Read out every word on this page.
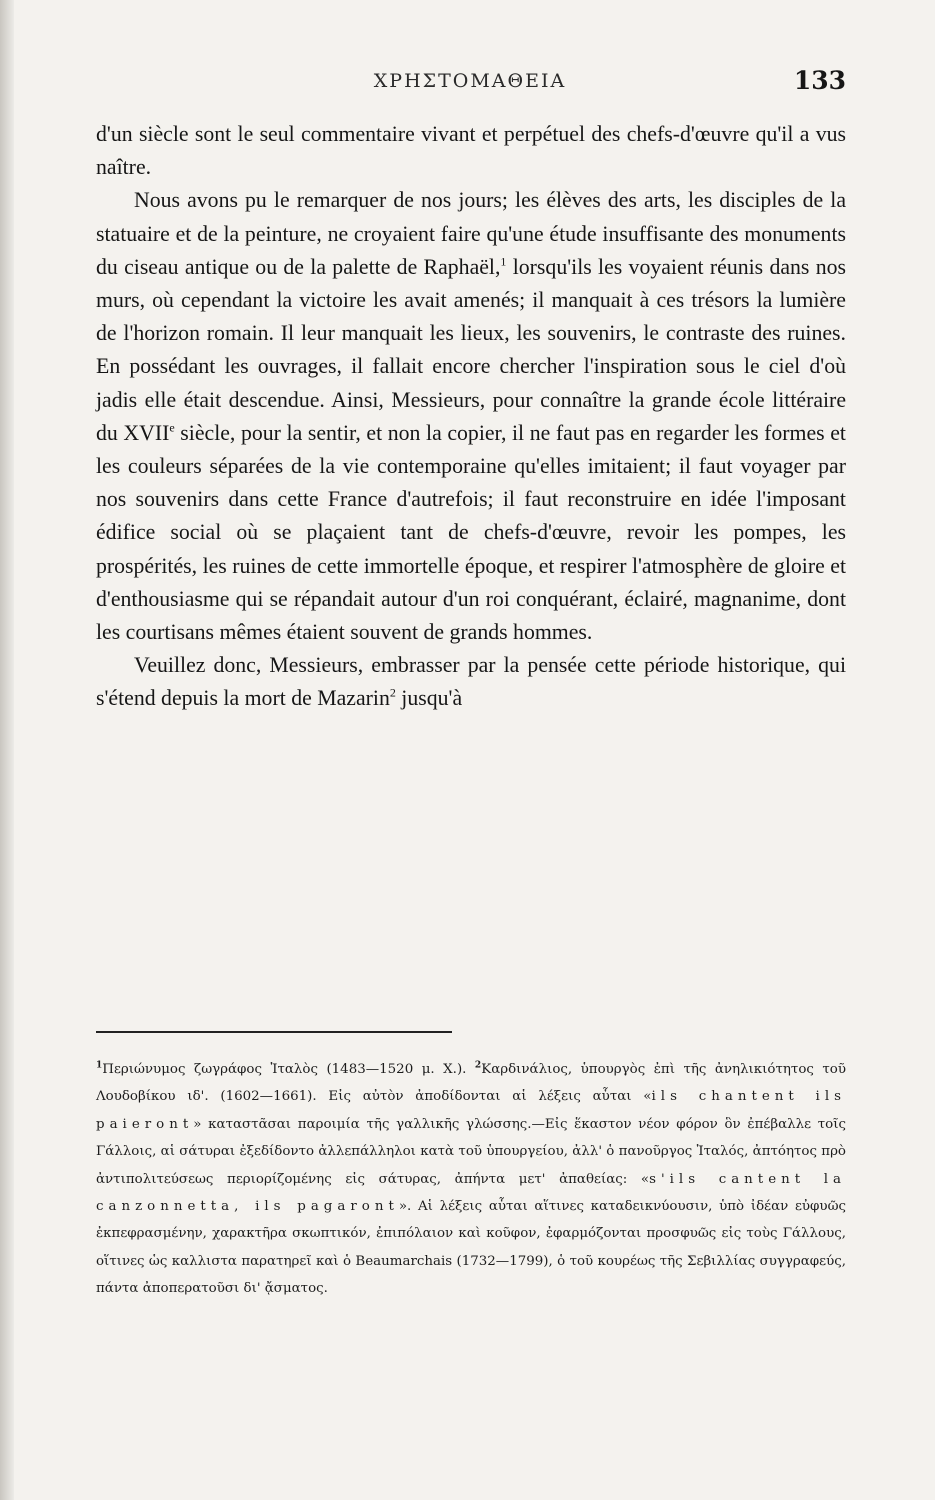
ΧΡΗΣΤΟΜΑΘΕΙΑ	133

d'un siècle sont le seul commentaire vivant et perpétuel des chefs-d'œuvre qu'il a vus naître.

Nous avons pu le remarquer de nos jours; les élèves des arts, les disciples de la statuaire et de la peinture, ne croyaient faire qu'une étude insuffisante des monuments du ciseau antique ou de la palette de Raphaël,$^1$ lorsqu'ils les voyaient réunis dans nos murs, où cependant la victoire les avait amenés; il manquait à ces trésors la lumière de l'horizon romain. Il leur manquait les lieux, les souvenirs, le contraste des ruines. En possédant les ouvrages, il fallait encore chercher l'inspiration sous le ciel d'où jadis elle était descendue. Ainsi, Messieurs, pour connaître la grande école littéraire du XVIIe siècle, pour la sentir, et non la copier, il ne faut pas en regarder les formes et les couleurs séparées de la vie contemporaine qu'elles imitaient; il faut voyager par nos souvenirs dans cette France d'autrefois; il faut reconstruire en idée l'imposant édifice social où se plaçaient tant de chefs-d'œuvre, revoir les pompes, les prospérités, les ruines de cette immortelle époque, et respirer l'atmosphère de gloire et d'enthousiasme qui se répandait autour d'un roi conquérant, éclairé, magnanime, dont les courtisans mêmes étaient souvent de grands hommes.

Veuillez donc, Messieurs, embrasser par la pensée cette période historique, qui s'étend depuis la mort de Mazarin$^2$ jusqu'à

$^1$Περιώνυμος ζωγράφος Ἰταλὸς (1483—1520 μ. Χ.). $^2$Καρδινάλιος, ὑπουργὸς ἐπὶ τῆς ἀνηλικιότητος τοῦ Λουδοβίκου ιδ'. (1602—1661). Εἰς αὐτὸν ἀποδίδονται αἱ λέξεις αὗται «ils chantent ils paieront» καταστᾶσαι παροιμία τῆς γαλλικῆς γλώσσης.—Εἰς ἕκαστον νέον φόρον ὃν ἐπέβαλλε τοῖς Γάλλοις, αἱ σάτυραι ἐξεδίδοντο ἀλλεπάλληλοι κατὰ τοῦ ὑπουργείου, ἀλλ' ὁ πανοῦργος Ἰταλός, ἀπτόητος πρὸ ἀντιπολιτεύσεως περιορίζομένης εἰς σάτυρας, ἀπήντα μετ' ἀπαθείας: «s'ils cantent la canzonnetta, ils pagaront». Αἱ λέξεις αὗται αἵτινες καταδεικνύουσιν, ὑπὸ ἰδέαν εὐφυῶς ἐκπεφρασμένην, χαρακτῆρα σκωπτικόν, ἐπιπόλαιον καὶ κοῦφον, ἐφαρμόζονται προσφυῶς εἰς τοὺς Γάλλους, οἵτινες ὡς καλλιστα παρατηρεῖ καὶ ὁ Beaumarchais (1732—1799), ὁ τοῦ κουρέως τῆς Σεβιλλίας συγγραφεύς, πάντα ἀποπερατοῦσι δι' ᾄσματος.
